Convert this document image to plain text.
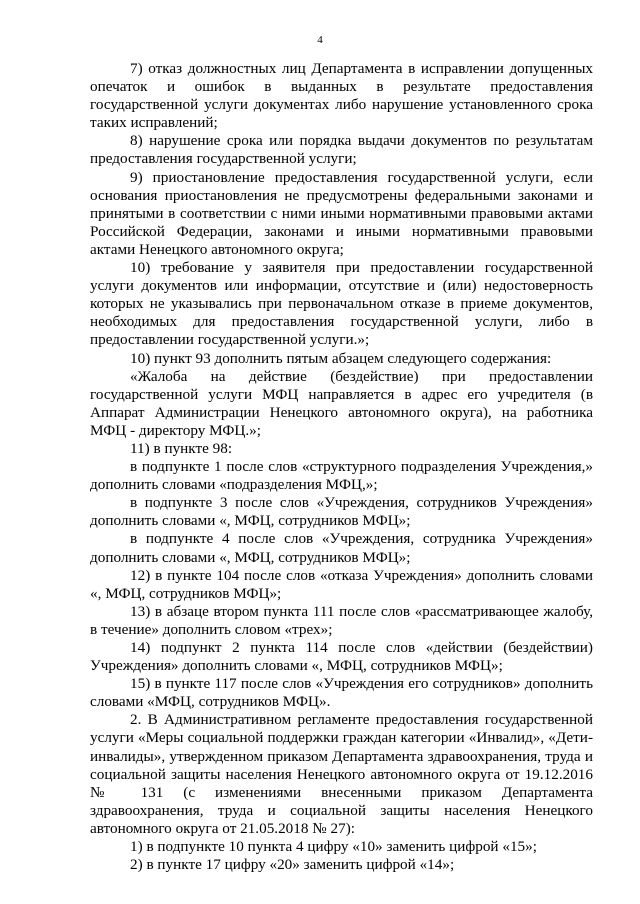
4

7) отказ должностных лиц Департамента в исправлении допущенных опечаток и ошибок в выданных в результате предоставления государственной услуги документах либо нарушение установленного срока таких исправлений;

8) нарушение срока или порядка выдачи документов по результатам предоставления государственной услуги;

9) приостановление предоставления государственной услуги, если основания приостановления не предусмотрены федеральными законами и принятыми в соответствии с ними иными нормативными правовыми актами Российской Федерации, законами и иными нормативными правовыми актами Ненецкого автономного округа;

10) требование у заявителя при предоставлении государственной услуги документов или информации, отсутствие и (или) недостоверность которых не указывались при первоначальном отказе в приеме документов, необходимых для предоставления государственной услуги, либо в предоставлении государственной услуги.»;

10) пункт 93 дополнить пятым абзацем следующего содержания:

«Жалоба на действие (бездействие) при предоставлении государственной услуги МФЦ направляется в адрес его учредителя (в Аппарат Администрации Ненецкого автономного округа), на работника МФЦ - директору МФЦ.»;

11) в пункте 98:

в подпункте 1 после слов «структурного подразделения Учреждения,» дополнить словами «подразделения МФЦ,»;

в подпункте 3 после слов «Учреждения, сотрудников Учреждения» дополнить словами «, МФЦ, сотрудников МФЦ»;

в подпункте 4 после слов «Учреждения, сотрудника Учреждения» дополнить словами «, МФЦ, сотрудников МФЦ»;

12) в пункте 104 после слов «отказа Учреждения» дополнить словами «, МФЦ, сотрудников МФЦ»;

13) в абзаце втором пункта 111 после слов «рассматривающее жалобу, в течение» дополнить словом «трех»;

14) подпункт 2 пункта 114 после слов «действии (бездействии) Учреждения» дополнить словами «, МФЦ, сотрудников МФЦ»;

15) в пункте 117 после слов «Учреждения его сотрудников» дополнить словами «МФЦ, сотрудников МФЦ».

2. В Административном регламенте предоставления государственной услуги «Меры социальной поддержки граждан категории «Инвалид», «Дети-инвалиды», утвержденном приказом Департамента здравоохранения, труда и социальной защиты населения Ненецкого автономного округа от 19.12.2016 № 131 (с изменениями внесенными приказом Департамента здравоохранения, труда и социальной защиты населения Ненецкого автономного округа от 21.05.2018 № 27):

1) в подпункте 10 пункта 4 цифру «10» заменить цифрой «15»;

2) в пункте 17 цифру «20» заменить цифрой «14»;
